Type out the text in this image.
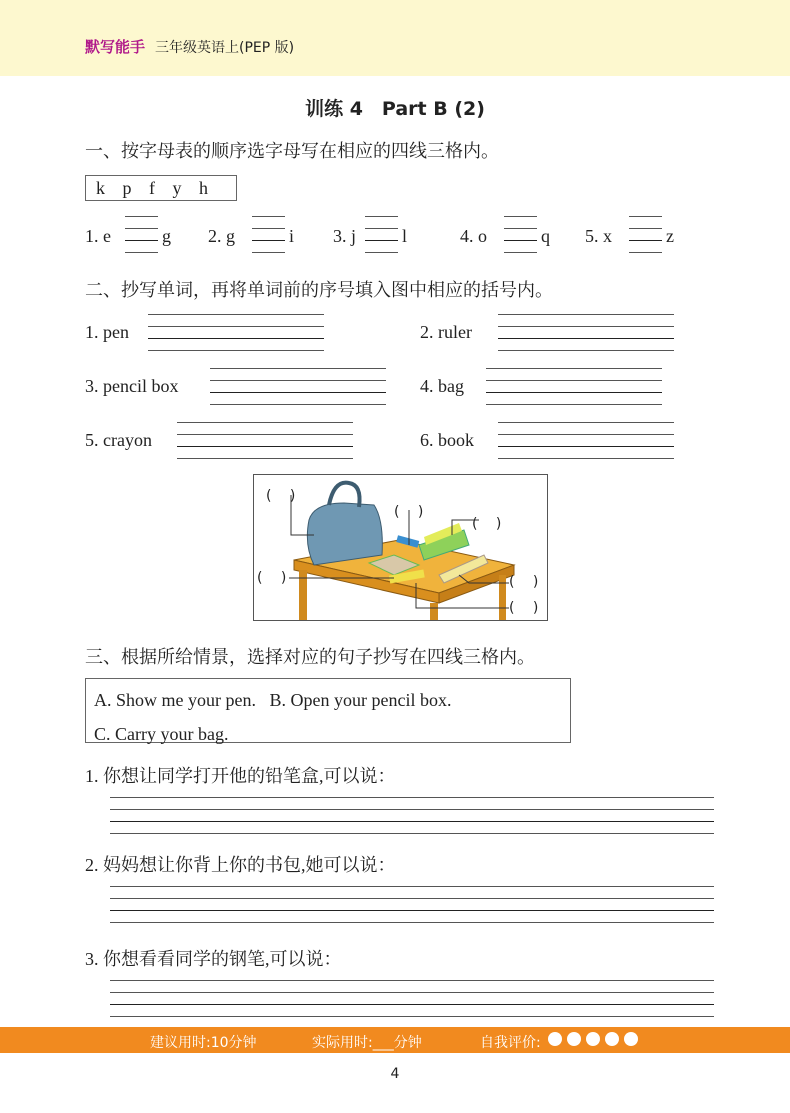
默写能手 三年级英语上(PEP 版)
训练 4　Part B (2)
一、按字母表的顺序选字母写在相应的四线三格内。
k p f y h
1. e	g 2. g	i 3. j	l	4. o	q 5. x	z
二、抄写单词，再将单词前的序号填入图中相应的括号内。
1. pen	2. ruler
3. pencil box	4. bag
5. crayon	6. book
(　 )
(　 )
(　 )
(　 )	(　 )
(　 )
三、根据所给情景，选择对应的句子抄写在四线三格内。
A. Show me your pen. B. Open your pencil box.
C. Carry your bag.
1. 你想让同学打开他的铅笔盒,可以说：
2. 妈妈想让你背上你的书包,她可以说：
3. 你想看看同学的钢笔,可以说：
建议用时:10分钟	实际用时:___分钟	自我评价:
4
